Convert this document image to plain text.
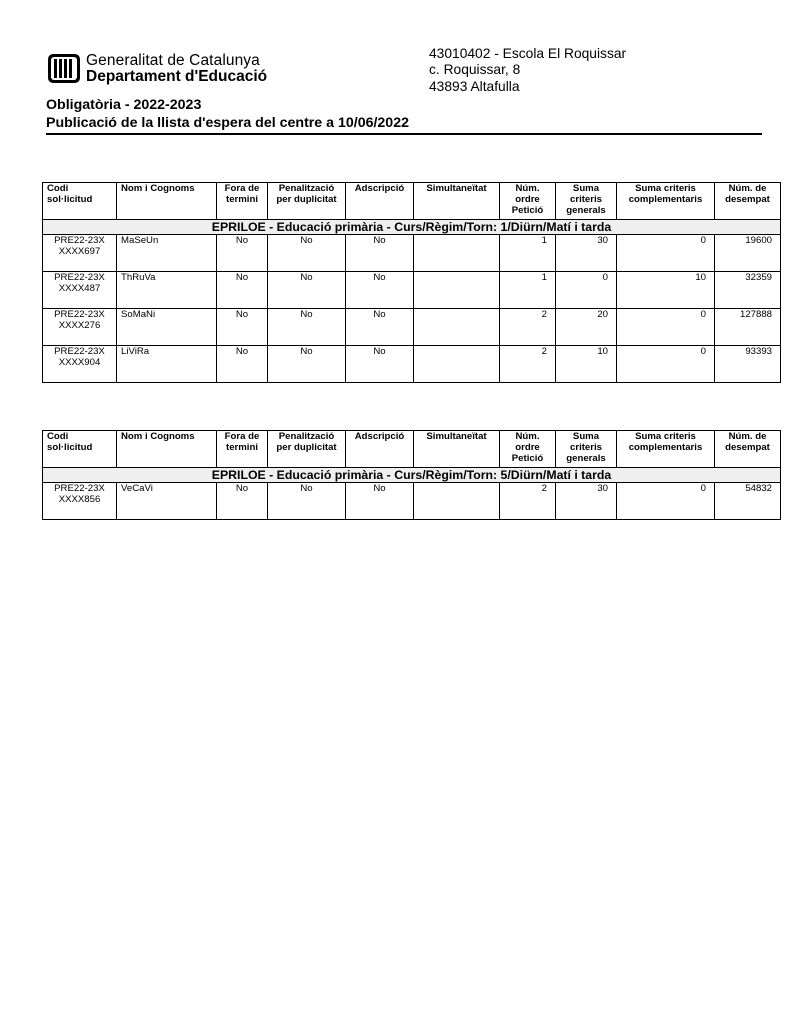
Generalitat de Catalunya
Departament d'Educació
43010402 - Escola El Roquissar
c. Roquissar, 8
43893 Altafulla
Obligatòria - 2022-2023
Publicació de la llista d'espera del centre a 10/06/2022
EPRILOE - Educació primària - Curs/Règim/Torn: 1/Diürn/Matí i tarda									
Codi sol·licitud	Nom i Cognoms	Fora de termini	Penalització per duplicitat	Adscripció	Simultaneïtat	Núm. ordre Petició	Suma criteris generals	Suma criteris complementaris	Núm. de desempat
PRE22-23XXXXX697	MaSeUn	No	No	No		1	30	0	19600
PRE22-23XXXXX487	ThRuVa	No	No	No		1	0	10	32359
PRE22-23XXXXX276	SoMaNi	No	No	No		2	20	0	127888
PRE22-23XXXXX904	LiViRa	No	No	No		2	10	0	93393
EPRILOE - Educació primària - Curs/Règim/Torn: 5/Diürn/Matí i tarda									
Codi sol·licitud	Nom i Cognoms	Fora de termini	Penalització per duplicitat	Adscripció	Simultaneïtat	Núm. ordre Petició	Suma criteris generals	Suma criteris complementaris	Núm. de desempat
PRE22-23XXXXX856	VeCaVi	No	No	No		2	30	0	54832
